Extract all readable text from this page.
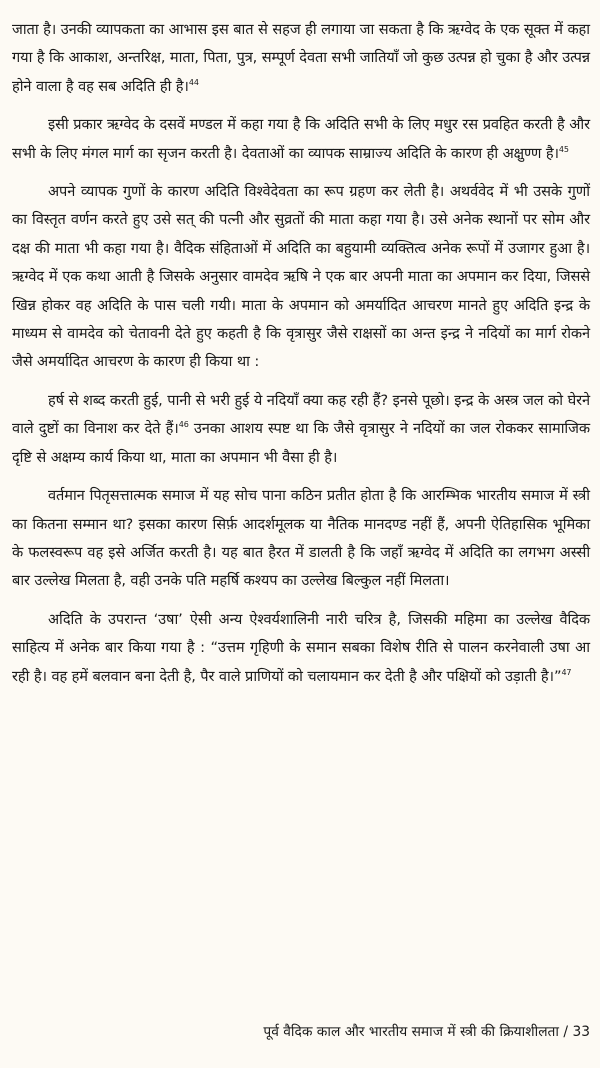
जाता है। उनकी व्यापकता का आभास इस बात से सहज ही लगाया जा सकता है कि ऋग्वेद के एक सूक्त में कहा गया है कि आकाश, अन्तरिक्ष, माता, पिता, पुत्र, सम्पूर्ण देवता सभी जातियाँ जो कुछ उत्पन्न हो चुका है और उत्पन्न होने वाला है वह सब अदिति ही है।$^{44}$

इसी प्रकार ऋग्वेद के दसवें मण्डल में कहा गया है कि अदिति सभी के लिए मधुर रस प्रवहित करती है और सभी के लिए मंगल मार्ग का सृजन करती है। देवताओं का व्यापक साम्राज्य अदिति के कारण ही अक्षुण्ण है।$^{45}$

अपने व्यापक गुणों के कारण अदिति विश्वेदेवता का रूप ग्रहण कर लेती है। अथर्ववेद में भी उसके गुणों का विस्तृत वर्णन करते हुए उसे सत् की पत्नी और सुव्रतों की माता कहा गया है। उसे अनेक स्थानों पर सोम और दक्ष की माता भी कहा गया है। वैदिक संहिताओं में अदिति का बहुयामी व्यक्तित्व अनेक रूपों में उजागर हुआ है। ऋग्वेद में एक कथा आती है जिसके अनुसार वामदेव ऋषि ने एक बार अपनी माता का अपमान कर दिया, जिससे खिन्न होकर वह अदिति के पास चली गयी। माता के अपमान को अमर्यादित आचरण मानते हुए अदिति इन्द्र के माध्यम से वामदेव को चेतावनी देते हुए कहती है कि वृत्रासुर जैसे राक्षसों का अन्त इन्द्र ने नदियों का मार्ग रोकने जैसे अमर्यादित आचरण के कारण ही किया था :

हर्ष से शब्द करती हुई, पानी से भरी हुई ये नदियाँ क्या कह रही हैं? इनसे पूछो। इन्द्र के अस्त्र जल को घेरने वाले दुष्टों का विनाश कर देते हैं।$^{46}$ उनका आशय स्पष्ट था कि जैसे वृत्रासुर ने नदियों का जल रोककर सामाजिक दृष्टि से अक्षम्य कार्य किया था, माता का अपमान भी वैसा ही है।

वर्तमान पितृसत्तात्मक समाज में यह सोच पाना कठिन प्रतीत होता है कि आरम्भिक भारतीय समाज में स्त्री का कितना सम्मान था? इसका कारण सिर्फ़ आदर्शमूलक या नैतिक मानदण्ड नहीं हैं, अपनी ऐतिहासिक भूमिका के फलस्वरूप वह इसे अर्जित करती है। यह बात हैरत में डालती है कि जहाँ ऋग्वेद में अदिति का लगभग अस्सी बार उल्लेख मिलता है, वही उनके पति महर्षि कश्यप का उल्लेख बिल्कुल नहीं मिलता।

अदिति के उपरान्त ‘उषा’ ऐसी अन्य ऐश्वर्यशालिनी नारी चरित्र है, जिसकी महिमा का उल्लेख वैदिक साहित्य में अनेक बार किया गया है : “उत्तम गृहिणी के समान सबका विशेष रीति से पालन करनेवाली उषा आ रही है। वह हमें बलवान बना देती है, पैर वाले प्राणियों को चलायमान कर देती है और पक्षियों को उड़ाती है।”$^{47}$

पूर्व वैदिक काल और भारतीय समाज में स्त्री की क्रियाशीलता / 33
